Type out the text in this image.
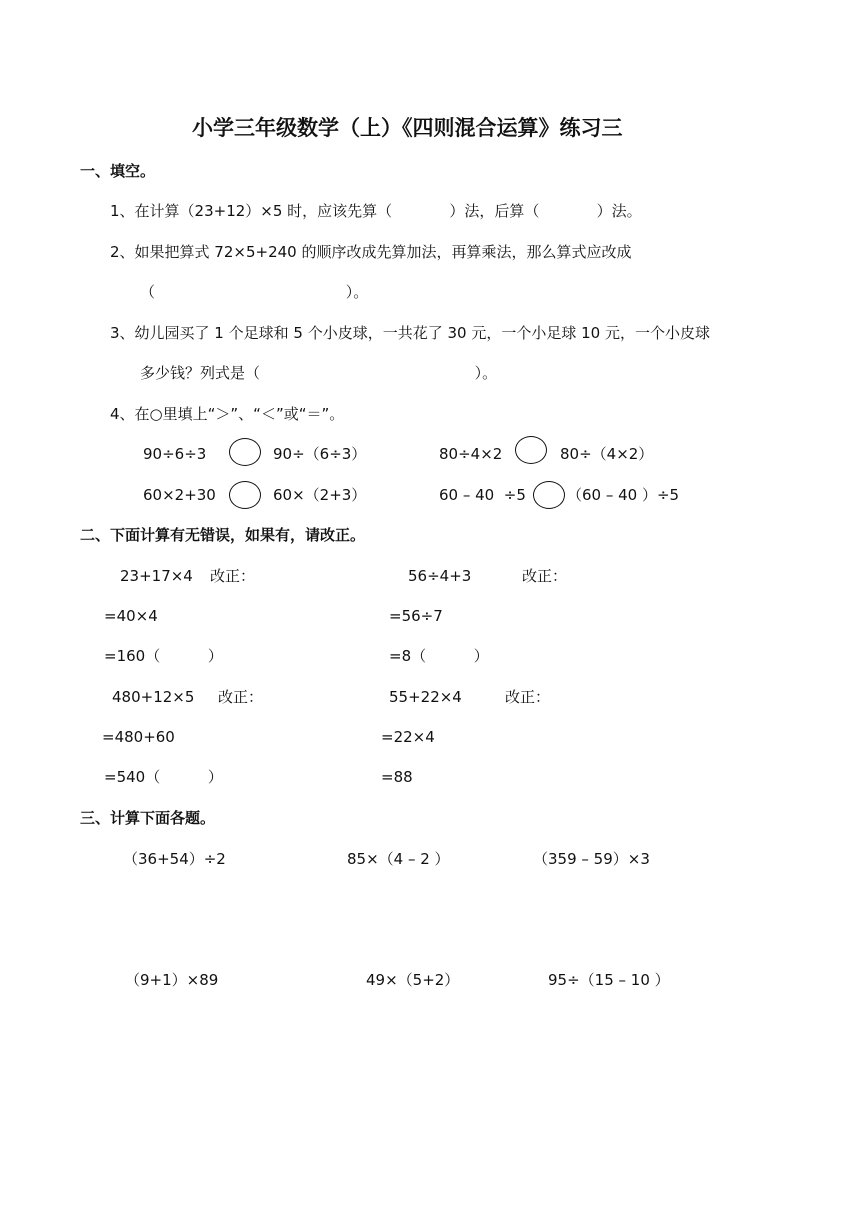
小学三年级数学（上）《四则混合运算》练习三
一、填空。
1、在计算（23+12）×5 时，应该先算（            ）法，后算（            ）法。
2、如果把算式 72×5+240 的顺序改成先算加法，再算乘法，那么算式应改成
（                                        ）。
3、幼儿园买了 1 个足球和 5 个小皮球，一共花了 30 元，一个小足球 10 元，一个小皮球
多少钱？列式是（                                             ）。
4、在○里填上“＞”、“＜”或“＝”。
90÷6÷3	90÷（6÷3）	80÷4×2	80÷（4×2）
60×2+30	60×（2+3）	60 – 40  ÷5	（60 – 40 ）÷5
二、下面计算有无错误，如果有，请改正。
23+17×4 改正：	56÷4+3	改正：
=40×4	=56÷7
=160（          ）	=8（          ）
480+12×5 改正：	55+22×4	改正：
=480+60	=22×4
=540（          ）	=88
三、计算下面各题。
（36+54）÷2	85×（4 – 2 ）	（359 – 59）×3
（9+1）×89	49×（5+2）	95÷（15 – 10 ）
